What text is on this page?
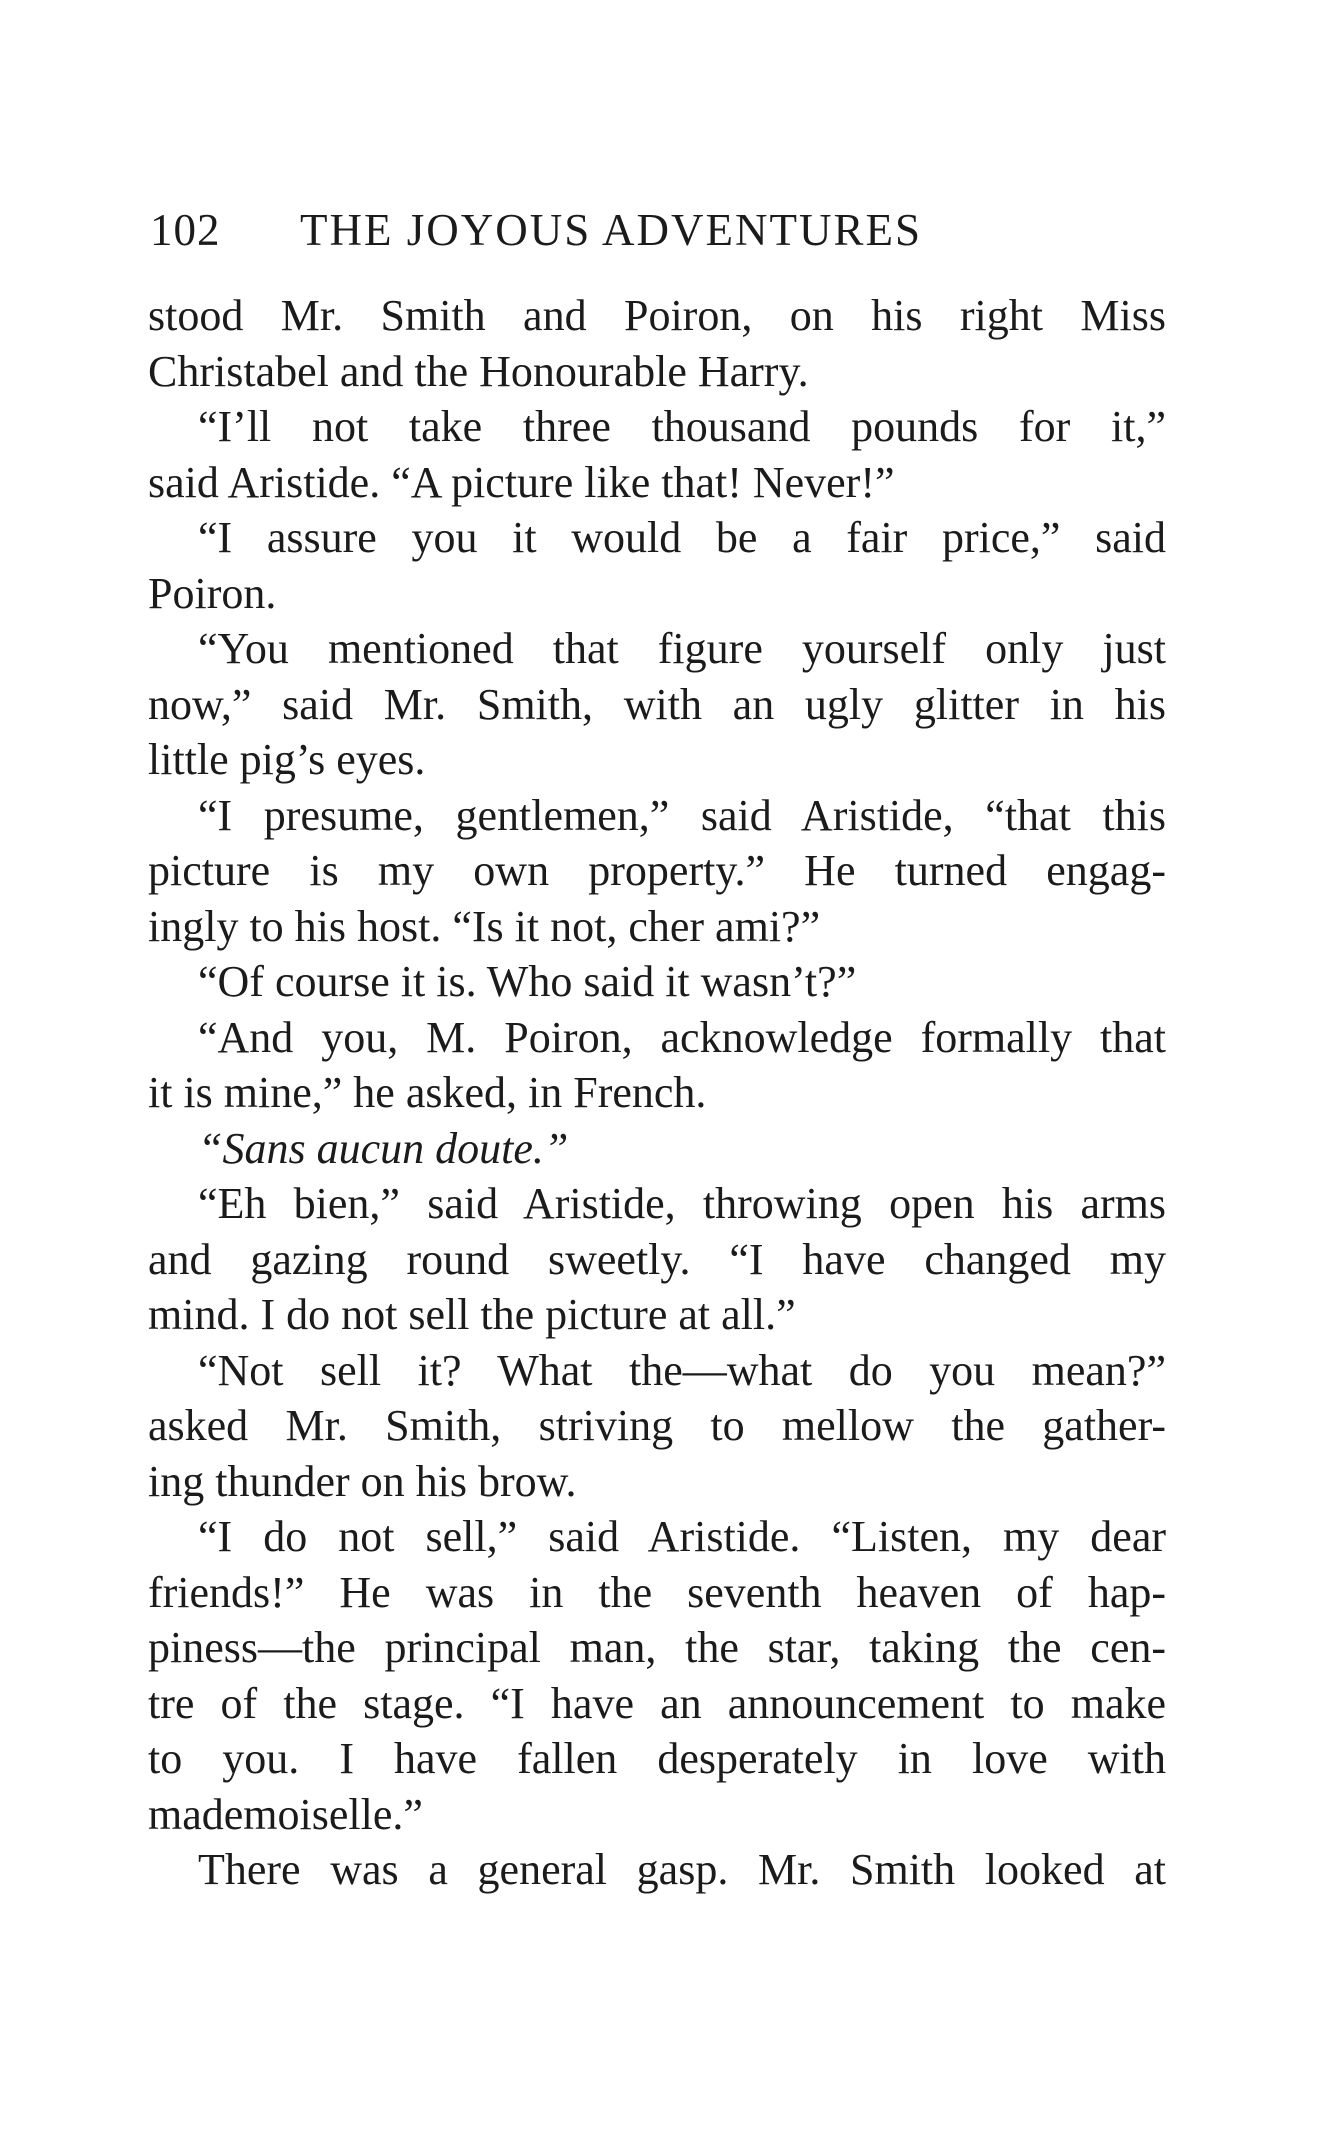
102 THE JOYOUS ADVENTURES
stood Mr. Smith and Poiron, on his right Miss
Christabel and the Honourable Harry.
“I’ll not take three thousand pounds for it,”
said Aristide. “A picture like that! Never!”
“I assure you it would be a fair price,” said
Poiron.
“You mentioned that figure yourself only just
now,” said Mr. Smith, with an ugly glitter in his
little pig’s eyes.
“I presume, gentlemen,” said Aristide, “that this
picture is my own property.” He turned engag-
ingly to his host. “Is it not, cher ami?”
“Of course it is. Who said it wasn’t?”
“And you, M. Poiron, acknowledge formally that
it is mine,” he asked, in French.
“Sans aucun doute.”
“Eh bien,” said Aristide, throwing open his arms
and gazing round sweetly. “I have changed my
mind. I do not sell the picture at all.”
“Not sell it? What the—what do you mean?”
asked Mr. Smith, striving to mellow the gather-
ing thunder on his brow.
“I do not sell,” said Aristide. “Listen, my dear
friends!” He was in the seventh heaven of hap-
piness—the principal man, the star, taking the cen-
tre of the stage. “I have an announcement to make
to you. I have fallen desperately in love with
mademoiselle.”
There was a general gasp. Mr. Smith looked at
